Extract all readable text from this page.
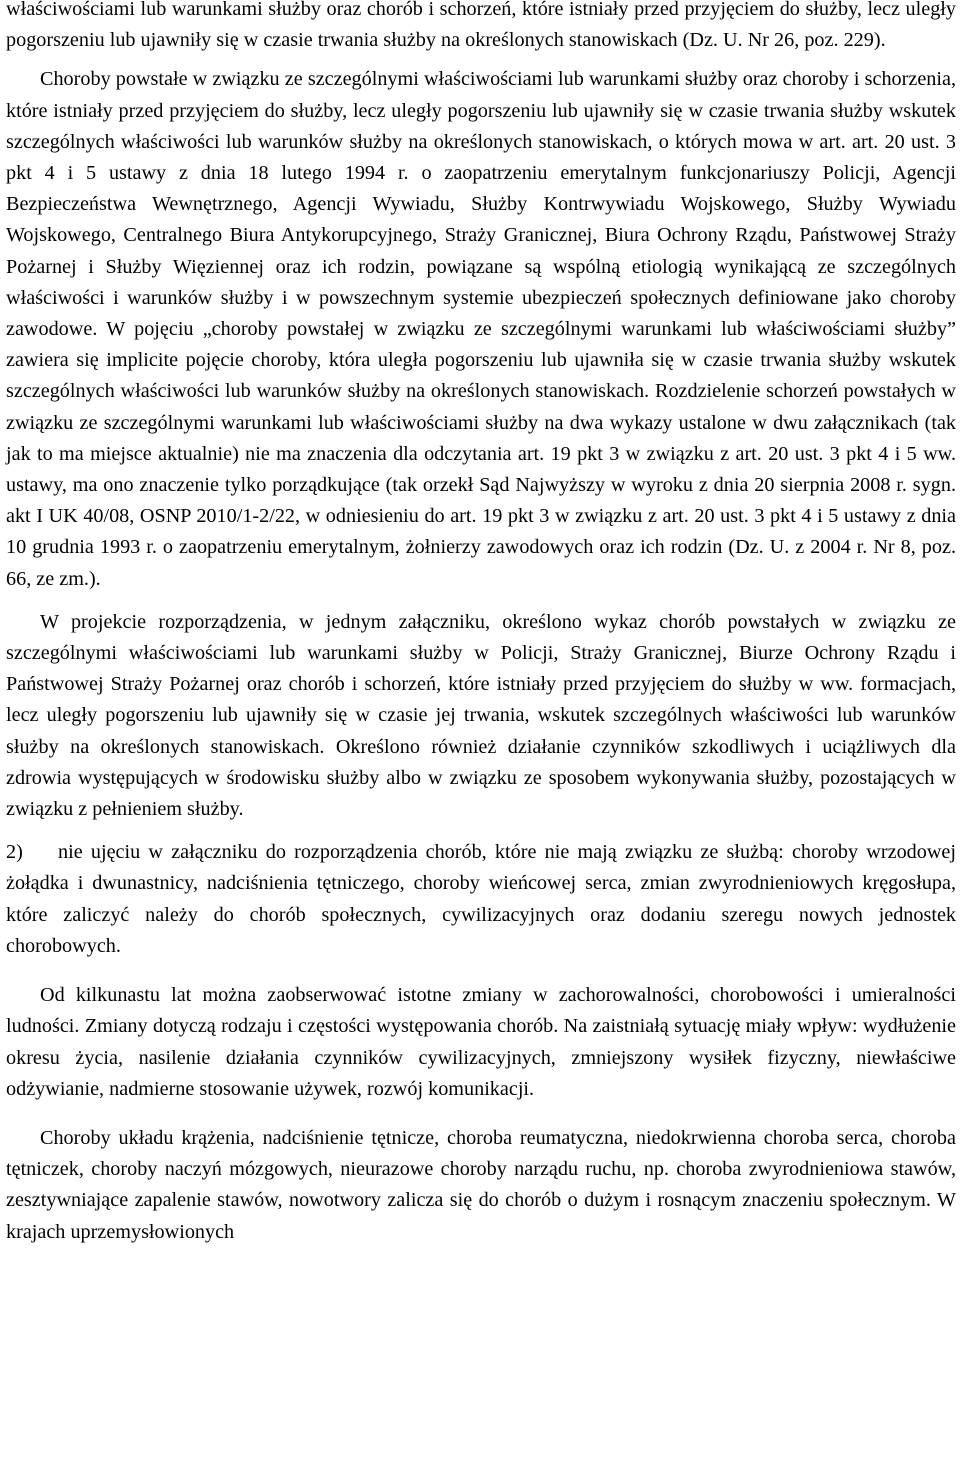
właściwościami lub warunkami służby oraz chorób i schorzeń, które istniały przed przyjęciem do służby, lecz uległy pogorszeniu lub ujawniły się w czasie trwania służby na określonych stanowiskach (Dz. U. Nr 26, poz. 229).

Choroby powstałe w związku ze szczególnymi właściwościami lub warunkami służby oraz choroby i schorzenia, które istniały przed przyjęciem do służby, lecz uległy pogorszeniu lub ujawniły się w czasie trwania służby wskutek szczególnych właściwości lub warunków służby na określonych stanowiskach, o których mowa w art. art. 20 ust. 3 pkt 4 i 5 ustawy z dnia 18 lutego 1994 r. o zaopatrzeniu emerytalnym funkcjonariuszy Policji, Agencji Bezpieczeństwa Wewnętrznego, Agencji Wywiadu, Służby Kontrwywiadu Wojskowego, Służby Wywiadu Wojskowego, Centralnego Biura Antykorupcyjnego, Straży Granicznej, Biura Ochrony Rządu, Państwowej Straży Pożarnej i Służby Więziennej oraz ich rodzin, powiązane są wspólną etiologią wynikającą ze szczególnych właściwości i warunków służby i w powszechnym systemie ubezpieczeń społecznych definiowane jako choroby zawodowe. W pojęciu „choroby powstałej w związku ze szczególnymi warunkami lub właściwościami służby” zawiera się implicite pojęcie choroby, która uległa pogorszeniu lub ujawniła się w czasie trwania służby wskutek szczególnych właściwości lub warunków służby na określonych stanowiskach. Rozdzielenie schorzeń powstałych w związku ze szczególnymi warunkami lub właściwościami służby na dwa wykazy ustalone w dwu załącznikach (tak jak to ma miejsce aktualnie) nie ma znaczenia dla odczytania art. 19 pkt 3 w związku z art. 20 ust. 3 pkt 4 i 5 ww. ustawy, ma ono znaczenie tylko porządkujące (tak orzekł Sąd Najwyższy w wyroku z dnia 20 sierpnia 2008 r. sygn. akt I UK 40/08, OSNP 2010/1-2/22, w odniesieniu do art. 19 pkt 3 w związku z art. 20 ust. 3 pkt 4 i 5 ustawy z dnia 10 grudnia 1993 r. o zaopatrzeniu emerytalnym, żołnierzy zawodowych oraz ich rodzin (Dz. U. z 2004 r. Nr 8, poz. 66, ze zm.).

W projekcie rozporządzenia, w jednym załączniku, określono wykaz chorób powstałych w związku ze szczególnymi właściwościami lub warunkami służby w Policji, Straży Granicznej, Biurze Ochrony Rządu i Państwowej Straży Pożarnej oraz chorób i schorzeń, które istniały przed przyjęciem do służby w ww. formacjach, lecz uległy pogorszeniu lub ujawniły się w czasie jej trwania, wskutek szczególnych właściwości lub warunków służby na określonych stanowiskach. Określono również działanie czynników szkodliwych i uciążliwych dla zdrowia występujących w środowisku służby albo w związku ze sposobem wykonywania służby, pozostających w związku z pełnieniem służby.

2) nie ujęciu w załączniku do rozporządzenia chorób, które nie mają związku ze służbą: choroby wrzodowej żołądka i dwunastnicy, nadciśnienia tętniczego, choroby wieńcowej serca, zmian zwyrodnieniowych kręgosłupa, które zaliczyć należy do chorób społecznych, cywilizacyjnych oraz dodaniu szeregu nowych jednostek chorobowych.

Od kilkunastu lat można zaobserwować istotne zmiany w zachorowalności, chorobowości i umieralności ludności. Zmiany dotyczą rodzaju i częstości występowania chorób. Na zaistniałą sytuację miały wpływ: wydłużenie okresu życia, nasilenie działania czynników cywilizacyjnych, zmniejszony wysiłek fizyczny, niewłaściwe odżywianie, nadmierne stosowanie używek, rozwój komunikacji.

Choroby układu krążenia, nadciśnienie tętnicze, choroba reumatyczna, niedokrwienna choroba serca, choroba tętniczek, choroby naczyń mózgowych, nieurazowe choroby narządu ruchu, np. choroba zwyrodnieniowa stawów, zesztywniające zapalenie stawów, nowotwory zalicza się do chorób o dużym i rosnącym znaczeniu społecznym. W krajach uprzemysłowionych
